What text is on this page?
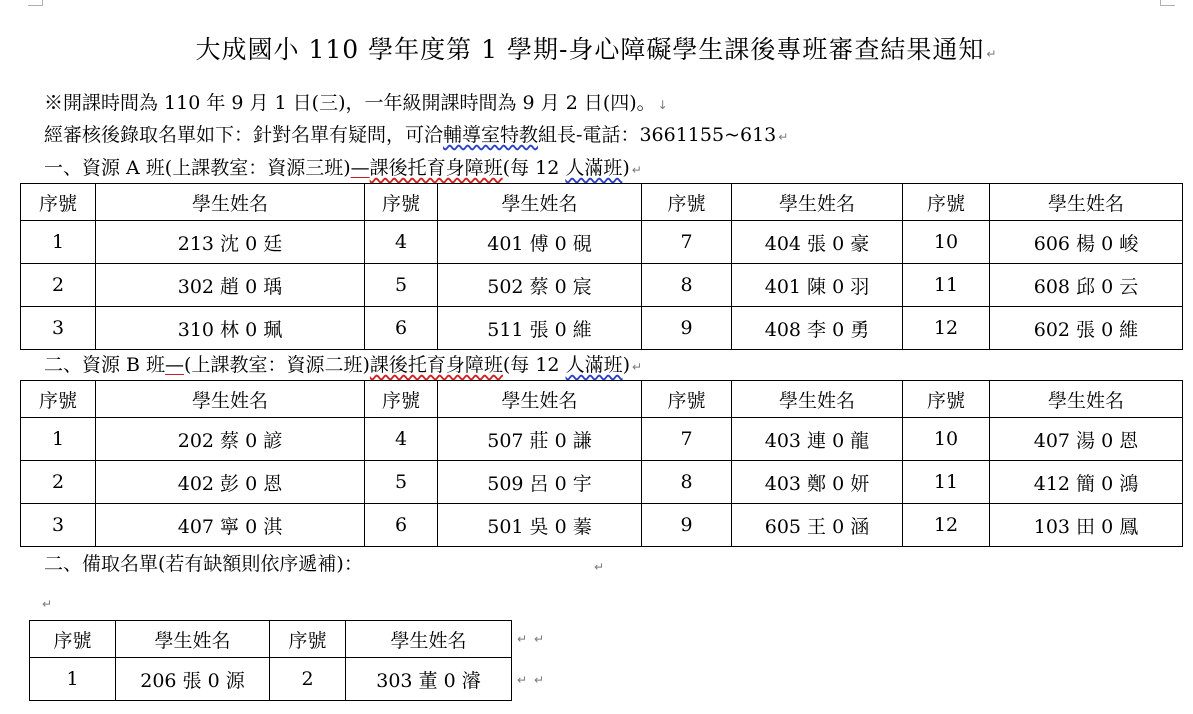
大成國小 110 學年度第 1 學期-身心障礙學生課後專班審查結果通知 ↵
※開課時間為 110 年 9 月 1 日(三)，一年級開課時間為 9 月 2 日(四)。 ↓
經審核後錄取名單如下：針對名單有疑問，可洽輔導室特教組長-電話：3661155~613 ↵
一、資源 A 班(上課教室：資源三班)—課後托育身障班(每 12 人滿班) ↵
序號	學生姓名	序號	學生姓名	序號	學生姓名	序號	學生姓名
1	213 沈 0 廷	4	401 傅 0 硯	7	404 張 0 豪	10	606 楊 0 峻
2	302 趙 0 瑀	5	502 蔡 0 宸	8	401 陳 0 羽	11	608 邱 0 云
3	310 林 0 珮	6	511 張 0 維	9	408 李 0 勇	12	602 張 0 維
二、資源 B 班—(上課教室：資源二班)課後托育身障班(每 12 人滿班) ↵
序號	學生姓名	序號	學生姓名	序號	學生姓名	序號	學生姓名
1	202 蔡 0 諺	4	507 莊 0 謙	7	403 連 0 龍	10	407 湯 0 恩
2	402 彭 0 恩	5	509 呂 0 宇	8	403 鄭 0 妍	11	412 簡 0 鴻
3	407 寧 0 淇	6	501 吳 0 蓁	9	605 王 0 涵	12	103 田 0 鳳
二、備取名單(若有缺額則依序遞補)：	↵
↵
序號	學生姓名	序號	學生姓名
1	206 張 0 源	2	303 董 0 濬
↵ ↵
↵ ↵
